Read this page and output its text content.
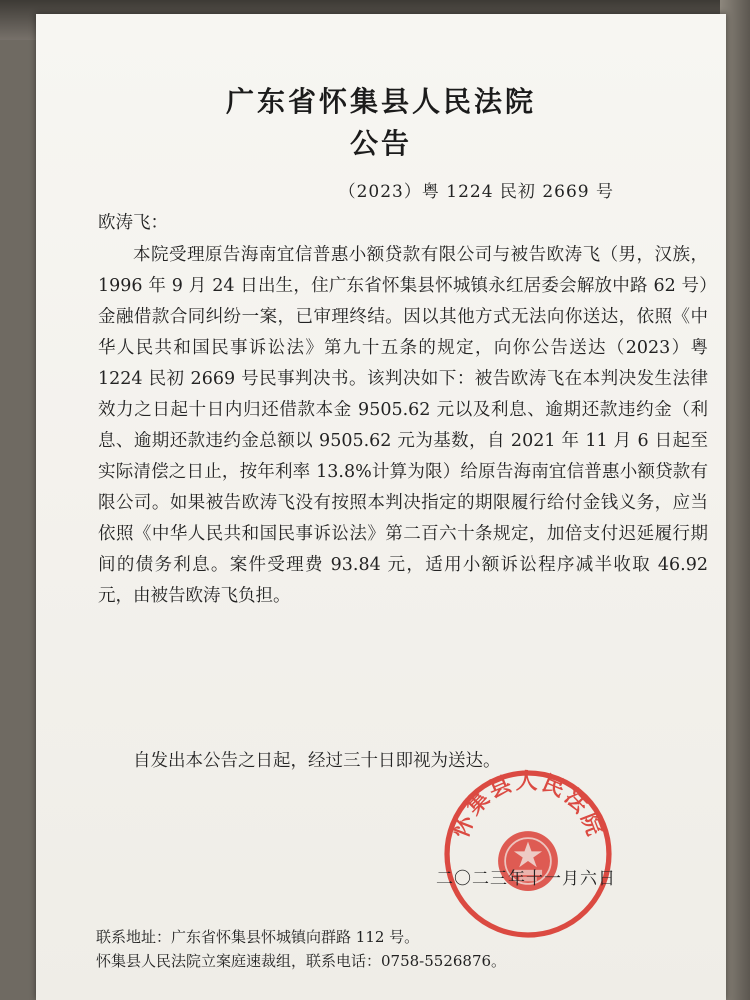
广东省怀集县人民法院
公告
（2023）粤 1224 民初 2669 号
欧涛飞：

本院受理原告海南宜信普惠小额贷款有限公司与被告欧涛飞（男，汉族，1996 年 9 月 24 日出生，住广东省怀集县怀城镇永红居委会解放中路 62 号）金融借款合同纠纷一案，已审理终结。因以其他方式无法向你送达，依照《中华人民共和国民事诉讼法》第九十五条的规定，向你公告送达（2023）粤 1224 民初 2669 号民事判决书。该判决如下：被告欧涛飞在本判决发生法律效力之日起十日内归还借款本金 9505.62 元以及利息、逾期还款违约金（利息、逾期还款违约金总额以 9505.62 元为基数，自 2021 年 11 月 6 日起至实际清偿之日止，按年利率 13.8%计算为限）给原告海南宜信普惠小额贷款有限公司。如果被告欧涛飞没有按照本判决指定的期限履行给付金钱义务，应当依照《中华人民共和国民事诉讼法》第二百六十条规定，加倍支付迟延履行期间的债务利息。案件受理费 93.84 元，适用小额诉讼程序减半收取 46.92 元，由被告欧涛飞负担。

自发出本公告之日起，经过三十日即视为送达。

怀集县人民法院
二〇二三年十一月六日
联系地址：广东省怀集县怀城镇向群路 112 号。
怀集县人民法院立案庭速裁组，联系电话：0758-5526876。
